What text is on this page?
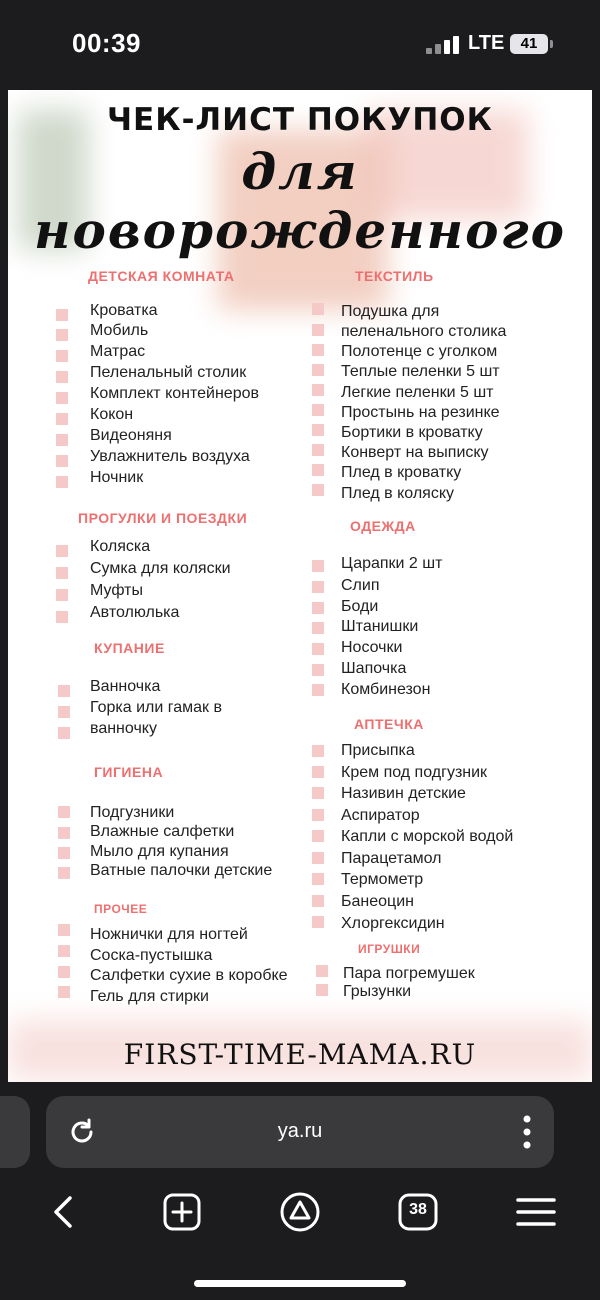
00:39	LTE	41
ЧЕК-ЛИСТ ПОКУПОК
для новорожденного
ДЕТСКАЯ КОМНАТА
Кроватка
Мобиль
Матрас
Пеленальный столик
Комплект контейнеров
Кокон
Видеоняня
Увлажнитель воздуха
Ночник
ПРОГУЛКИ И ПОЕЗДКИ
Коляска
Сумка для коляски
Муфты
Автолюлька
КУПАНИЕ
Ванночка
Горка или гамак в
ванночку
ГИГИЕНА
Подгузники
Влажные салфетки
Мыло для купания
Ватные палочки детские
ПРОЧЕЕ
Ножнички для ногтей
Соска-пустышка
Салфетки сухие в коробке
Гель для стирки
ТЕКСТИЛЬ
Подушка для
пеленального столика
Полотенце с уголком
Теплые пеленки 5 шт
Легкие пеленки 5 шт
Простынь на резинке
Бортики в кроватку
Конверт на выписку
Плед в кроватку
Плед в коляску
ОДЕЖДА
Царапки 2 шт
Слип
Боди
Штанишки
Носочки
Шапочка
Комбинезон
АПТЕЧКА
Присыпка
Крем под подгузник
Називин детские
Аспиратор
Капли с морской водой
Парацетамол
Термометр
Банеоцин
Хлоргексидин
ИГРУШКИ
Пара погремушек
Грызунки
FIRST-TIME-MAMA.RU
ya.ru
38
